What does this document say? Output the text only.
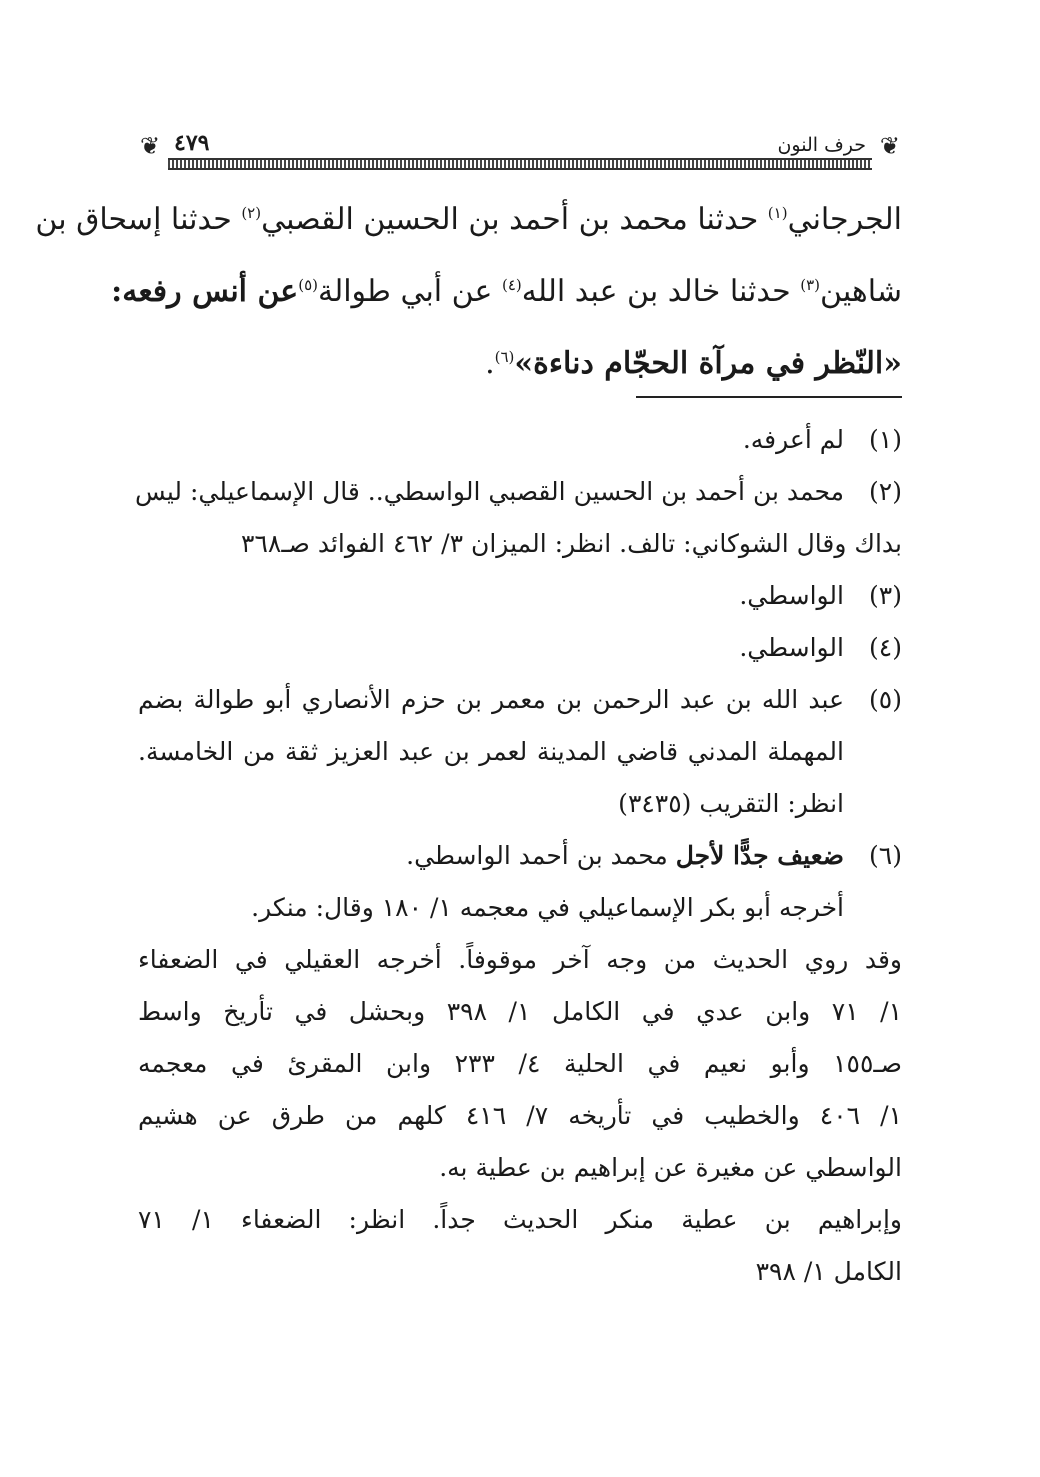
❦
حرف النون
٤٧٩
❦
الجرجاني$^{(١)}$ حدثنا محمد بن أحمد بن الحسين القصبي$^{(٢)}$ حدثنا إسحاق بن
شاهين$^{(٣)}$ حدثنا خالد بن عبد الله$^{(٤)}$ عن أبي طوالة$^{(٥)}$عن أنس رفعه:
«النّظر في مرآة الحجّام دناءة»$^{(٦)}$.
(١)لم أعرفه.
(٢)محمد بن أحمد بن الحسين القصبي الواسطي.. قال الإسماعيلي: ليس
بداك وقال الشوكاني: تالف. انظر: الميزان ٣/ ٤٦٢ الفوائد صـ٣٦٨
(٣)الواسطي.
(٤)الواسطي.
(٥)عبد الله بن عبد الرحمن بن معمر بن حزم الأنصاري أبو طوالة بضم
المهملة المدني قاضي المدينة لعمر بن عبد العزيز ثقة من الخامسة.
انظر: التقريب (٣٤٣٥)
(٦)ضعيف جدًّا لأجل محمد بن أحمد الواسطي.
أخرجه أبو بكر الإسماعيلي في معجمه ١/ ١٨٠ وقال: منكر.
وقد روي الحديث من وجه آخر موقوفاً. أخرجه العقيلي في الضعفاء
١/ ٧١ وابن عدي في الكامل ١/ ٣٩٨ وبحشل في تأريخ واسط
صـ١٥٥ وأبو نعيم في الحلية ٤/ ٢٣٣ وابن المقرئ في معجمه
١/ ٤٠٦ والخطيب في تأريخه ٧/ ٤١٦ كلهم من طرق عن هشيم
الواسطي عن مغيرة عن إبراهيم بن عطية به.
وإبراهيم بن عطية منكر الحديث جداً. انظر: الضعفاء ١/ ٧١
الكامل ١/ ٣٩٨
